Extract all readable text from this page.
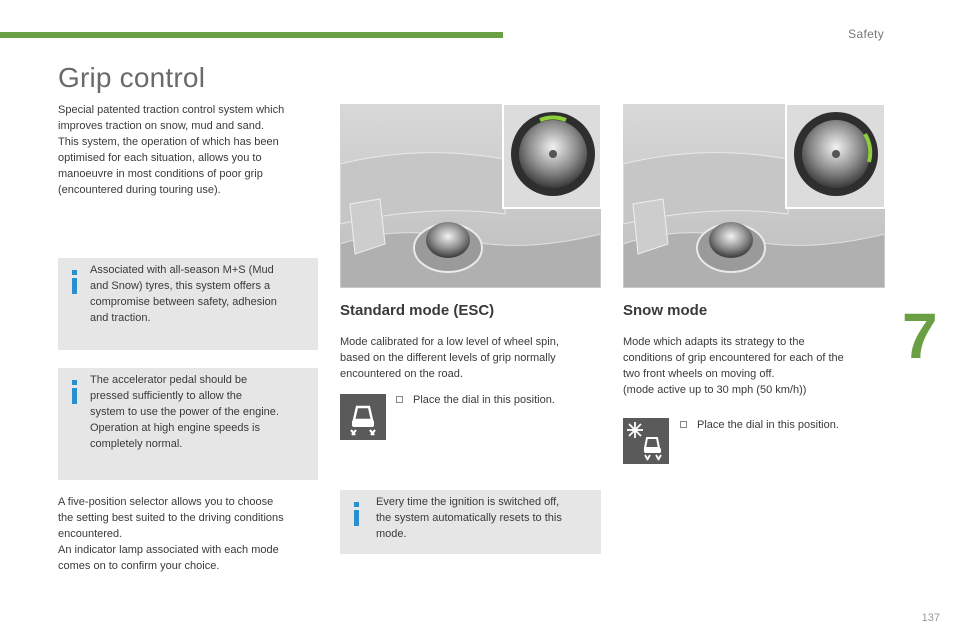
Safety
7
137
Grip control
Special patented traction control system which
improves traction on snow, mud and sand.
This system, the operation of which has been
optimised for each situation, allows you to
manoeuvre in most conditions of poor grip
(encountered during touring use).
Associated with all-season M+S (Mud
and Snow) tyres, this system offers a
compromise between safety, adhesion
and traction.
The accelerator pedal should be
pressed sufficiently to allow the
system to use the power of the engine.
Operation at high engine speeds is
completely normal.
A five-position selector allows you to choose
the setting best suited to the driving conditions
encountered.
An indicator lamp associated with each mode
comes on to confirm your choice.
Standard mode (ESC)
Mode calibrated for a low level of wheel spin,
based on the different levels of grip normally
encountered on the road.
Place the dial in this position.
Every time the ignition is switched off,
the system automatically resets to this
mode.
Snow mode
Mode which adapts its strategy to the
conditions of grip encountered for each of the
two front wheels on moving off.
(mode active up to 30 mph (50 km/h))
Place the dial in this position.
